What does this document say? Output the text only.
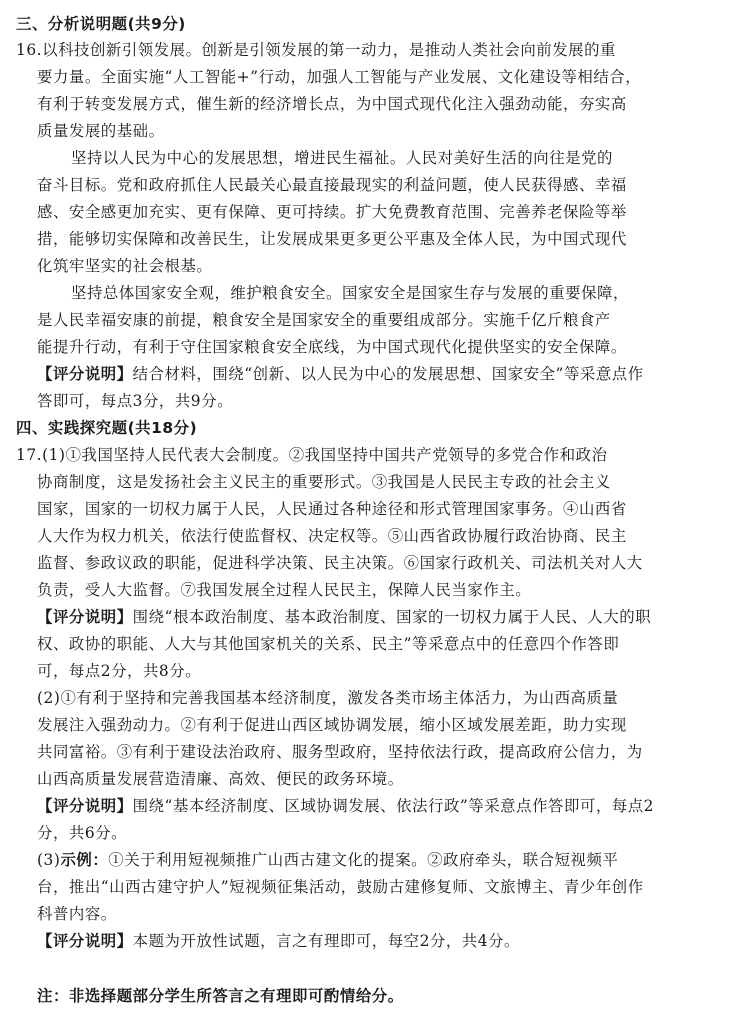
三、分析说明题(共9分)
16.以科技创新引领发展。创新是引领发展的第一动力，是推动人类社会向前发展的重
要力量。全面实施“人工智能+”行动，加强人工智能与产业发展、文化建设等相结合，
有利于转变发展方式，催生新的经济增长点，为中国式现代化注入强劲动能，夯实高
质量发展的基础。
坚持以人民为中心的发展思想，增进民生福祉。人民对美好生活的向往是党的
奋斗目标。党和政府抓住人民最关心最直接最现实的利益问题，使人民获得感、幸福
感、安全感更加充实、更有保障、更可持续。扩大免费教育范围、完善养老保险等举
措，能够切实保障和改善民生，让发展成果更多更公平惠及全体人民，为中国式现代
化筑牢坚实的社会根基。
坚持总体国家安全观，维护粮食安全。国家安全是国家生存与发展的重要保障，
是人民幸福安康的前提，粮食安全是国家安全的重要组成部分。实施千亿斤粮食产
能提升行动，有利于守住国家粮食安全底线，为中国式现代化提供坚实的安全保障。
【评分说明】结合材料，围绕“创新、以人民为中心的发展思想、国家安全”等采意点作
答即可，每点3分，共9分。
四、实践探究题(共18分)
17.(1)①我国坚持人民代表大会制度。②我国坚持中国共产党领导的多党合作和政治
协商制度，这是发扬社会主义民主的重要形式。③我国是人民民主专政的社会主义
国家，国家的一切权力属于人民，人民通过各种途径和形式管理国家事务。④山西省
人大作为权力机关，依法行使监督权、决定权等。⑤山西省政协履行政治协商、民主
监督、参政议政的职能，促进科学决策、民主决策。⑥国家行政机关、司法机关对人大
负责，受人大监督。⑦我国发展全过程人民民主，保障人民当家作主。
【评分说明】围绕“根本政治制度、基本政治制度、国家的一切权力属于人民、人大的职
权、政协的职能、人大与其他国家机关的关系、民主”等采意点中的任意四个作答即
可，每点2分，共8分。
(2)①有利于坚持和完善我国基本经济制度，激发各类市场主体活力，为山西高质量
发展注入强劲动力。②有利于促进山西区域协调发展，缩小区域发展差距，助力实现
共同富裕。③有利于建设法治政府、服务型政府，坚持依法行政，提高政府公信力，为
山西高质量发展营造清廉、高效、便民的政务环境。
【评分说明】围绕“基本经济制度、区域协调发展、依法行政”等采意点作答即可，每点2
分，共6分。
(3)示例：①关于利用短视频推广山西古建文化的提案。②政府牵头，联合短视频平
台，推出“山西古建守护人”短视频征集活动，鼓励古建修复师、文旅博主、青少年创作
科普内容。
【评分说明】本题为开放性试题，言之有理即可，每空2分，共4分。
注：非选择题部分学生所答言之有理即可酌情给分。
